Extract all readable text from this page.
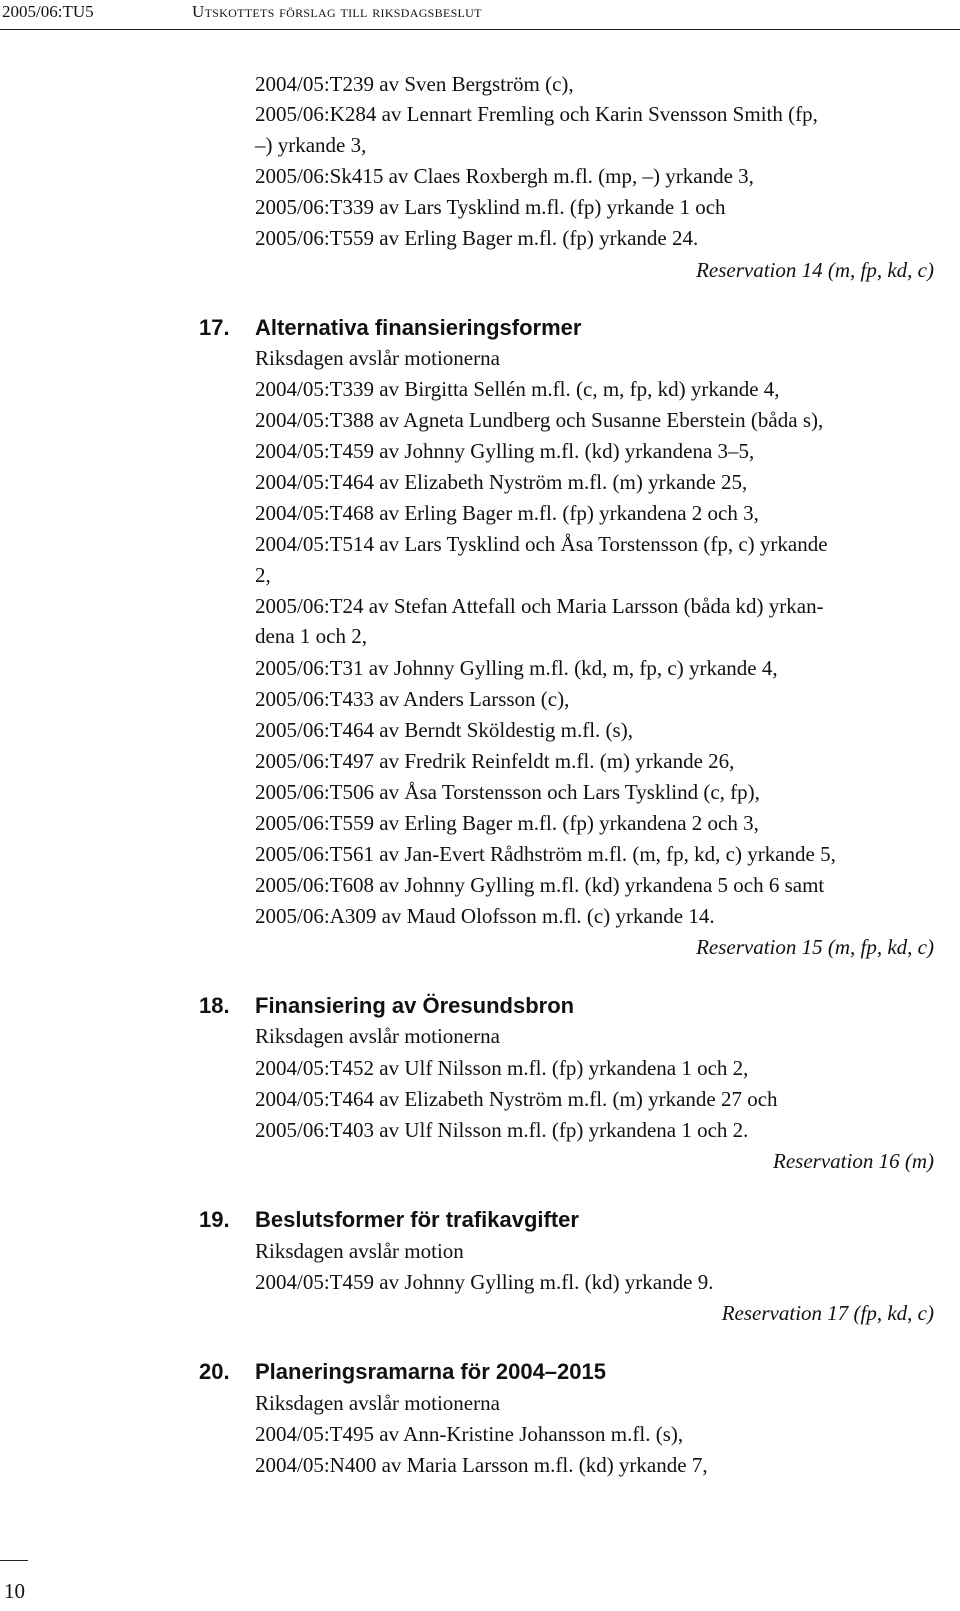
2005/06:TU5	Utskottets förslag till riksdagsbeslut
2004/05:T239 av Sven Bergström (c),
2005/06:K284 av Lennart Fremling och Karin Svensson Smith (fp,
–) yrkande 3,
2005/06:Sk415 av Claes Roxbergh m.fl. (mp, –) yrkande 3,
2005/06:T339 av Lars Tysklind m.fl. (fp) yrkande 1 och
2005/06:T559 av Erling Bager m.fl. (fp) yrkande 24.
Reservation 14 (m, fp, kd, c)
17. Alternativa finansieringsformer
Riksdagen avslår motionerna
2004/05:T339 av Birgitta Sellén m.fl. (c, m, fp, kd) yrkande 4,
2004/05:T388 av Agneta Lundberg och Susanne Eberstein (båda s),
2004/05:T459 av Johnny Gylling m.fl. (kd) yrkandena 3–5,
2004/05:T464 av Elizabeth Nyström m.fl. (m) yrkande 25,
2004/05:T468 av Erling Bager m.fl. (fp) yrkandena 2 och 3,
2004/05:T514 av Lars Tysklind och Åsa Torstensson (fp, c) yrkande
2,
2005/06:T24 av Stefan Attefall och Maria Larsson (båda kd) yrkan-
dena 1 och 2,
2005/06:T31 av Johnny Gylling m.fl. (kd, m, fp, c) yrkande 4,
2005/06:T433 av Anders Larsson (c),
2005/06:T464 av Berndt Sköldestig m.fl. (s),
2005/06:T497 av Fredrik Reinfeldt m.fl. (m) yrkande 26,
2005/06:T506 av Åsa Torstensson och Lars Tysklind (c, fp),
2005/06:T559 av Erling Bager m.fl. (fp) yrkandena 2 och 3,
2005/06:T561 av Jan-Evert Rådhström m.fl. (m, fp, kd, c) yrkande 5,
2005/06:T608 av Johnny Gylling m.fl. (kd) yrkandena 5 och 6 samt
2005/06:A309 av Maud Olofsson m.fl. (c) yrkande 14.
Reservation 15 (m, fp, kd, c)
18. Finansiering av Öresundsbron
Riksdagen avslår motionerna
2004/05:T452 av Ulf Nilsson m.fl. (fp) yrkandena 1 och 2,
2004/05:T464 av Elizabeth Nyström m.fl. (m) yrkande 27 och
2005/06:T403 av Ulf Nilsson m.fl. (fp) yrkandena 1 och 2.
Reservation 16 (m)
19. Beslutsformer för trafikavgifter
Riksdagen avslår motion
2004/05:T459 av Johnny Gylling m.fl. (kd) yrkande 9.
Reservation 17 (fp, kd, c)
20. Planeringsramarna för 2004–2015
Riksdagen avslår motionerna
2004/05:T495 av Ann-Kristine Johansson m.fl. (s),
2004/05:N400 av Maria Larsson m.fl. (kd) yrkande 7,
10
